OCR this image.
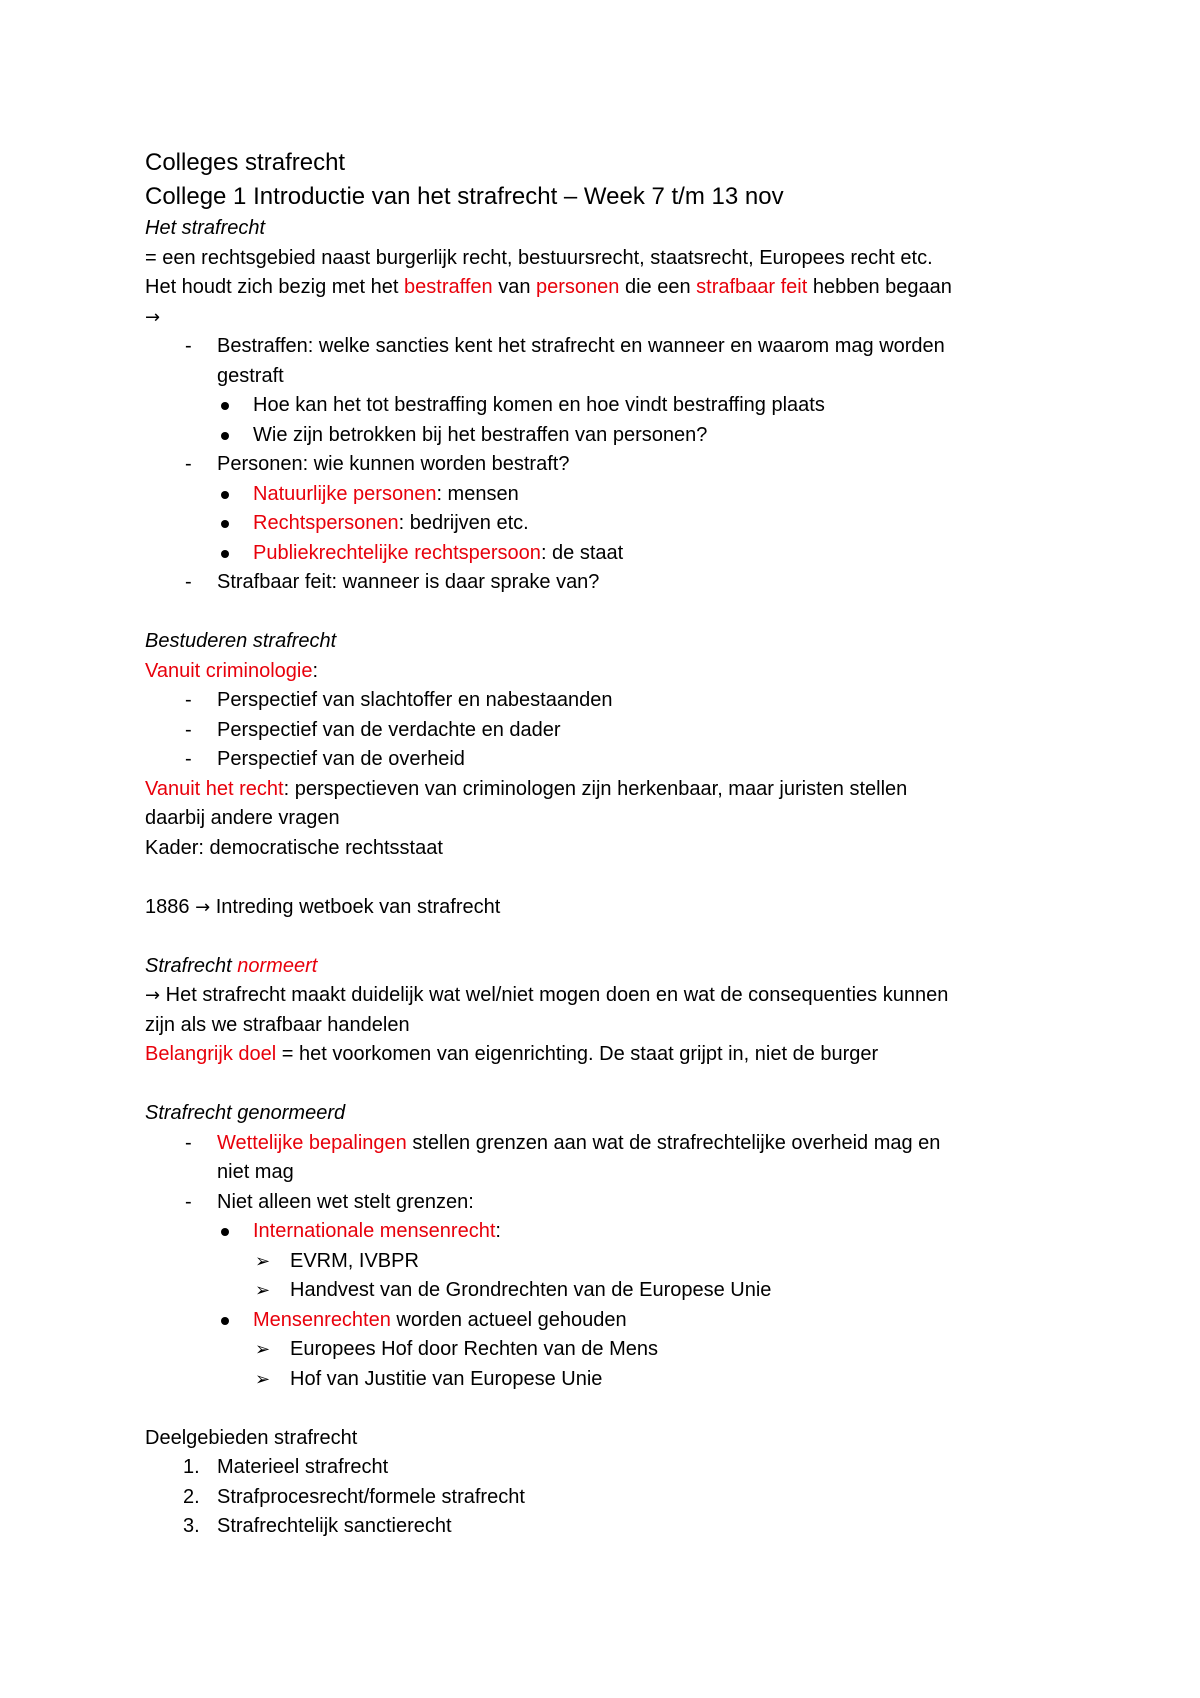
Colleges strafrecht
College 1 Introductie van het strafrecht – Week 7 t/m 13 nov
Het strafrecht
= een rechtsgebied naast burgerlijk recht, bestuursrecht, staatsrecht, Europees recht etc.
Het houdt zich bezig met het bestraffen van personen die een strafbaar feit hebben begaan
→
- Bestraffen: welke sancties kent het strafrecht en wanneer en waarom mag worden
gestraft
Hoe kan het tot bestraffing komen en hoe vindt bestraffing plaats
Wie zijn betrokken bij het bestraffen van personen?
- Personen: wie kunnen worden bestraft?
Natuurlijke personen: mensen
Rechtspersonen: bedrijven etc.
Publiekrechtelijke rechtspersoon: de staat
- Strafbaar feit: wanneer is daar sprake van?
Bestuderen strafrecht
Vanuit criminologie:
- Perspectief van slachtoffer en nabestaanden
- Perspectief van de verdachte en dader
- Perspectief van de overheid
Vanuit het recht: perspectieven van criminologen zijn herkenbaar, maar juristen stellen
daarbij andere vragen
Kader: democratische rechtsstaat
1886 → Intreding wetboek van strafrecht
Strafrecht normeert
→ Het strafrecht maakt duidelijk wat wel/niet mogen doen en wat de consequenties kunnen
zijn als we strafbaar handelen
Belangrijk doel = het voorkomen van eigenrichting. De staat grijpt in, niet de burger
Strafrecht genormeerd
- Wettelijke bepalingen stellen grenzen aan wat de strafrechtelijke overheid mag en
niet mag
- Niet alleen wet stelt grenzen:
Internationale mensenrecht:
➢ EVRM, IVBPR
➢ Handvest van de Grondrechten van de Europese Unie
Mensenrechten worden actueel gehouden
➢ Europees Hof door Rechten van de Mens
➢ Hof van Justitie van Europese Unie
Deelgebieden strafrecht
1. Materieel strafrecht
2. Strafprocesrecht/formele strafrecht
3. Strafrechtelijk sanctierecht
